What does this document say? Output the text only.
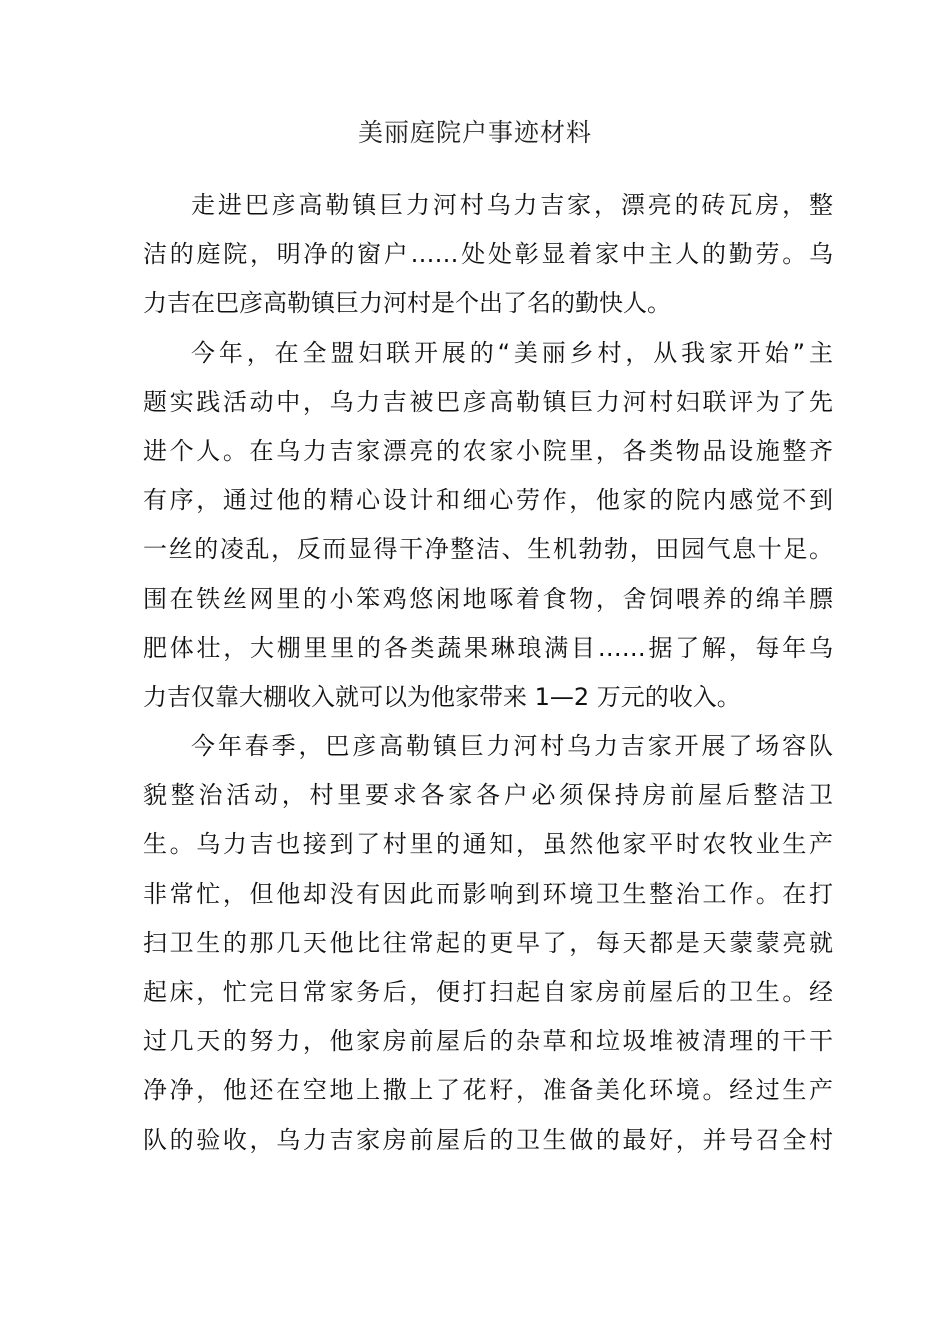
美丽庭院户事迹材料
走进巴彦高勒镇巨力河村乌力吉家，漂亮的砖瓦房，整
洁的庭院，明净的窗户……处处彰显着家中主人的勤劳。乌
力吉在巴彦高勒镇巨力河村是个出了名的勤快人。
今年，在全盟妇联开展的“美丽乡村，从我家开始”主
题实践活动中，乌力吉被巴彦高勒镇巨力河村妇联评为了先
进个人。在乌力吉家漂亮的农家小院里，各类物品设施整齐
有序，通过他的精心设计和细心劳作，他家的院内感觉不到
一丝的凌乱，反而显得干净整洁、生机勃勃，田园气息十足。
围在铁丝网里的小笨鸡悠闲地啄着食物，舍饲喂养的绵羊膘
肥体壮，大棚里里的各类蔬果琳琅满目……据了解，每年乌
力吉仅靠大棚收入就可以为他家带来 1—2 万元的收入。
今年春季，巴彦高勒镇巨力河村乌力吉家开展了场容队
貌整治活动，村里要求各家各户必须保持房前屋后整洁卫
生。乌力吉也接到了村里的通知，虽然他家平时农牧业生产
非常忙，但他却没有因此而影响到环境卫生整治工作。在打
扫卫生的那几天他比往常起的更早了，每天都是天蒙蒙亮就
起床，忙完日常家务后，便打扫起自家房前屋后的卫生。经
过几天的努力，他家房前屋后的杂草和垃圾堆被清理的干干
净净，他还在空地上撒上了花籽，准备美化环境。经过生产
队的验收，乌力吉家房前屋后的卫生做的最好，并号召全村
